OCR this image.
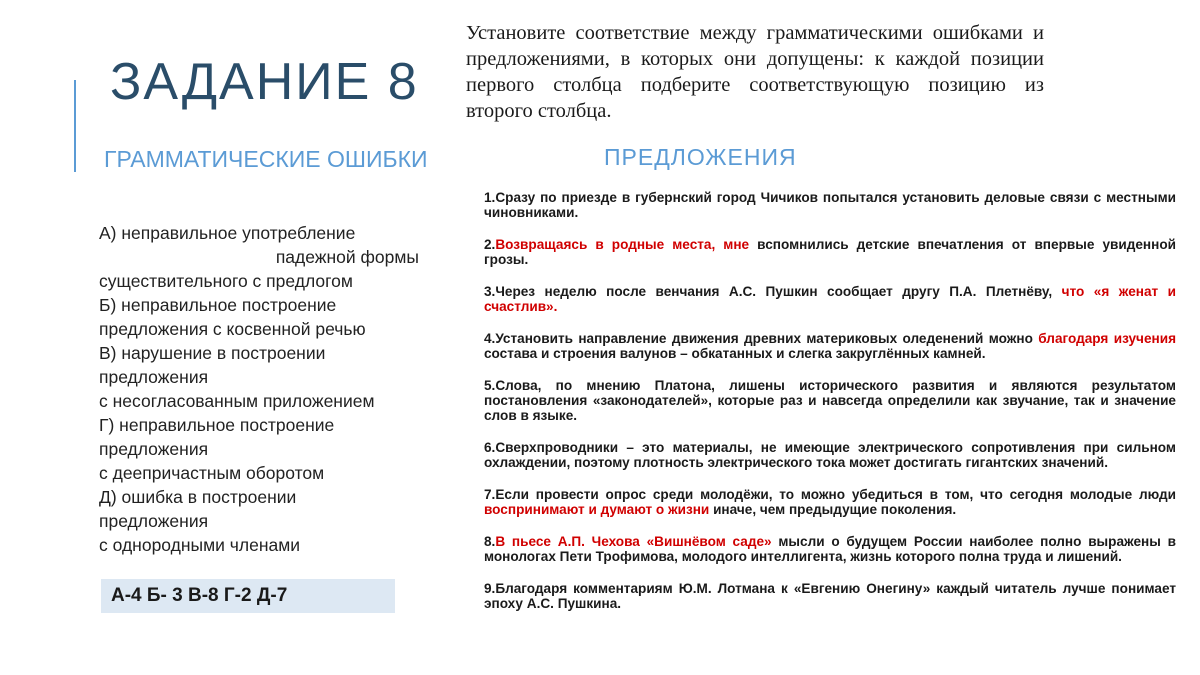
ЗАДАНИЕ 8
Установите соответствие между грамматическими ошибками и предложениями, в которых они допущены: к каждой позиции первого столбца подберите соответствующую позицию из второго столбца.
ГРАММАТИЧЕСКИЕ ОШИБКИ	ПРЕДЛОЖЕНИЯ
А) неправильное употребление
падежной формы
существительного с предлогом
Б) неправильное построение
предложения с косвенной речью
В) нарушение в построении
предложения
с несогласованным приложением
Г) неправильное построение
предложения
с деепричастным оборотом
Д) ошибка в построении
предложения
с однородными членами
А-4 Б- 3 В-8 Г-2 Д-7
1.Сразу по приезде в губернский город Чичиков попытался установить деловые связи с местными чиновниками.
2.Возвращаясь в родные места, мне вспомнились детские впечатления от впервые увиденной грозы.
3.Через неделю после венчания А.С. Пушкин сообщает другу П.А. Плетнёву, что «я женат и счастлив».
4.Установить направление движения древних материковых оледенений можно благодаря изучения состава и строения валунов – обкатанных и слегка закруглённых камней.
5.Слова, по мнению Платона, лишены исторического развития и являются результатом постановления «законодателей», которые раз и навсегда определили как звучание, так и значение слов в языке.
6.Сверхпроводники – это материалы, не имеющие электрического сопротивления при сильном охлаждении, поэтому плотность электрического тока может достигать гигантских значений.
7.Если провести опрос среди молодёжи, то можно убедиться в том, что сегодня молодые люди воспринимают и думают о жизни иначе, чем предыдущие поколения.
8.В пьесе А.П. Чехова «Вишнёвом саде» мысли о будущем России наиболее полно выражены в монологах Пети Трофимова, молодого интеллигента, жизнь которого полна труда и лишений.
9.Благодаря комментариям Ю.М. Лотмана к «Евгению Онегину» каждый читатель лучше понимает эпоху А.С. Пушкина.
